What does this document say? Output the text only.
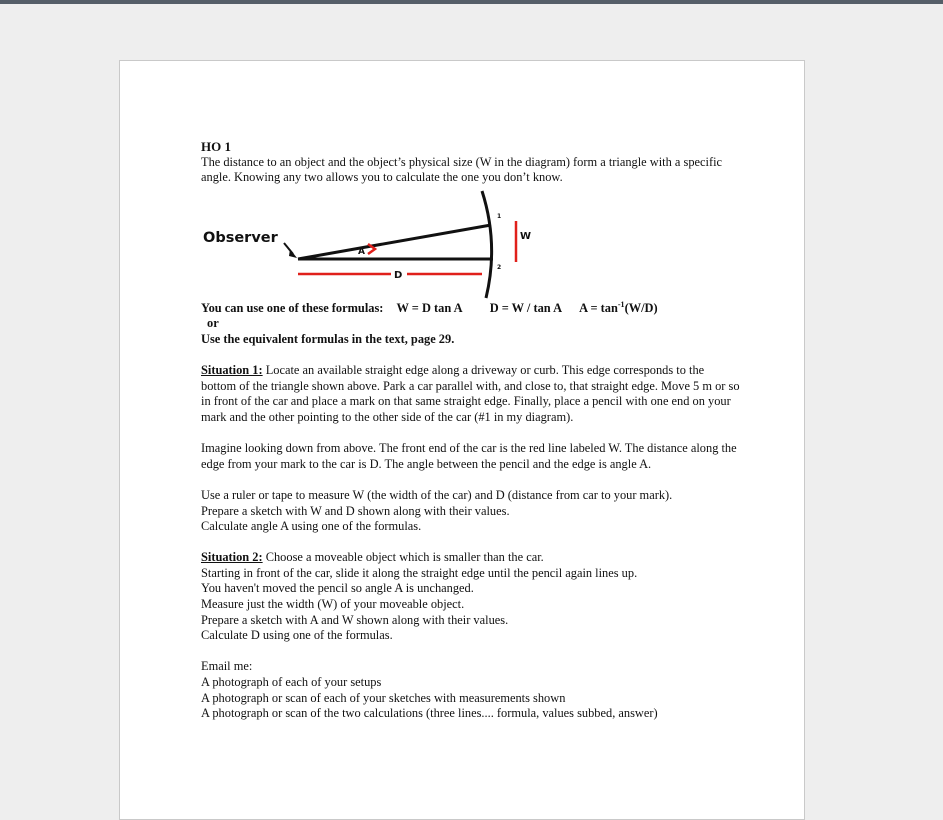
HO 1

The distance to an object and the object’s physical size (W in the diagram) form a triangle with a specific angle. Knowing any two allows you to calculate the one you don’t know.

Observer
A
W
D
1
2
You can use one of these formulas: W = D tan A D = W / tan A $A = \tan^{-1}(W/D)$

or

Use the equivalent formulas in the text, page 29.

Situation 1: Locate an available straight edge along a driveway or curb. This edge corresponds to the bottom of the triangle shown above. Park a car parallel with, and close to, that straight edge. Move 5 m or so in front of the car and place a mark on that same straight edge. Finally, place a pencil with one end on your mark and the other pointing to the other side of the car (#1 in my diagram).

Imagine looking down from above. The front end of the car is the red line labeled W. The distance along the edge from your mark to the car is D. The angle between the pencil and the edge is angle A.

Use a ruler or tape to measure W (the width of the car) and D (distance from car to your mark).

Prepare a sketch with W and D shown along with their values.

Calculate angle A using one of the formulas.

Situation 2: Choose a moveable object which is smaller than the car.

Starting in front of the car, slide it along the straight edge until the pencil again lines up.

You haven't moved the pencil so angle A is unchanged.

Measure just the width (W) of your moveable object.

Prepare a sketch with A and W shown along with their values.

Calculate D using one of the formulas.

Email me:

A photograph of each of your setups

A photograph or scan of each of your sketches with measurements shown

A photograph or scan of the two calculations (three lines.... formula, values subbed, answer)
